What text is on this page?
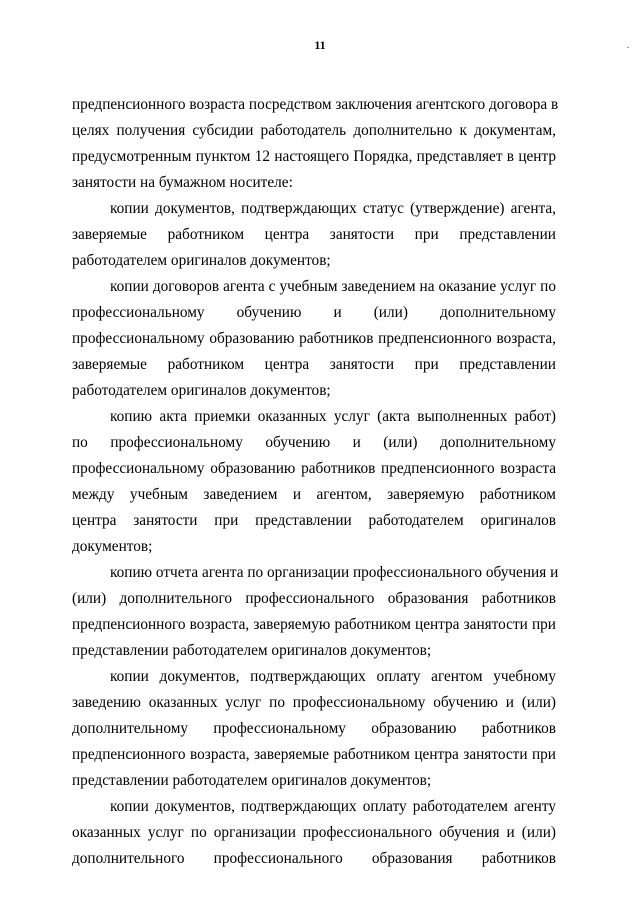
11	·
предпенсионного возраста посредством заключения агентского договора в
целях получения субсидии работодатель дополнительно к документам,
предусмотренным пунктом 12 настоящего Порядка, представляет в центр
занятости на бумажном носителе:
копии документов, подтверждающих статус (утверждение) агента,
заверяемые работником центра занятости при представлении
работодателем оригиналов документов;
копии договоров агента с учебным заведением на оказание услуг по
профессиональному обучению и (или) дополнительному
профессиональному образованию работников предпенсионного возраста,
заверяемые работником центра занятости при представлении
работодателем оригиналов документов;
копию акта приемки оказанных услуг (акта выполненных работ)
по профессиональному обучению и (или) дополнительному
профессиональному образованию работников предпенсионного возраста
между учебным заведением и агентом, заверяемую работником
центра занятости при представлении работодателем оригиналов
документов;
копию отчета агента по организации профессионального обучения и
(или) дополнительного профессионального образования работников
предпенсионного возраста, заверяемую работником центра занятости при
представлении работодателем оригиналов документов;
копии документов, подтверждающих оплату агентом учебному
заведению оказанных услуг по профессиональному обучению и (или)
дополнительному профессиональному образованию работников
предпенсионного возраста, заверяемые работником центра занятости при
представлении работодателем оригиналов документов;
копии документов, подтверждающих оплату работодателем агенту
оказанных услуг по организации профессионального обучения и (или)
дополнительного профессионального образования работников
